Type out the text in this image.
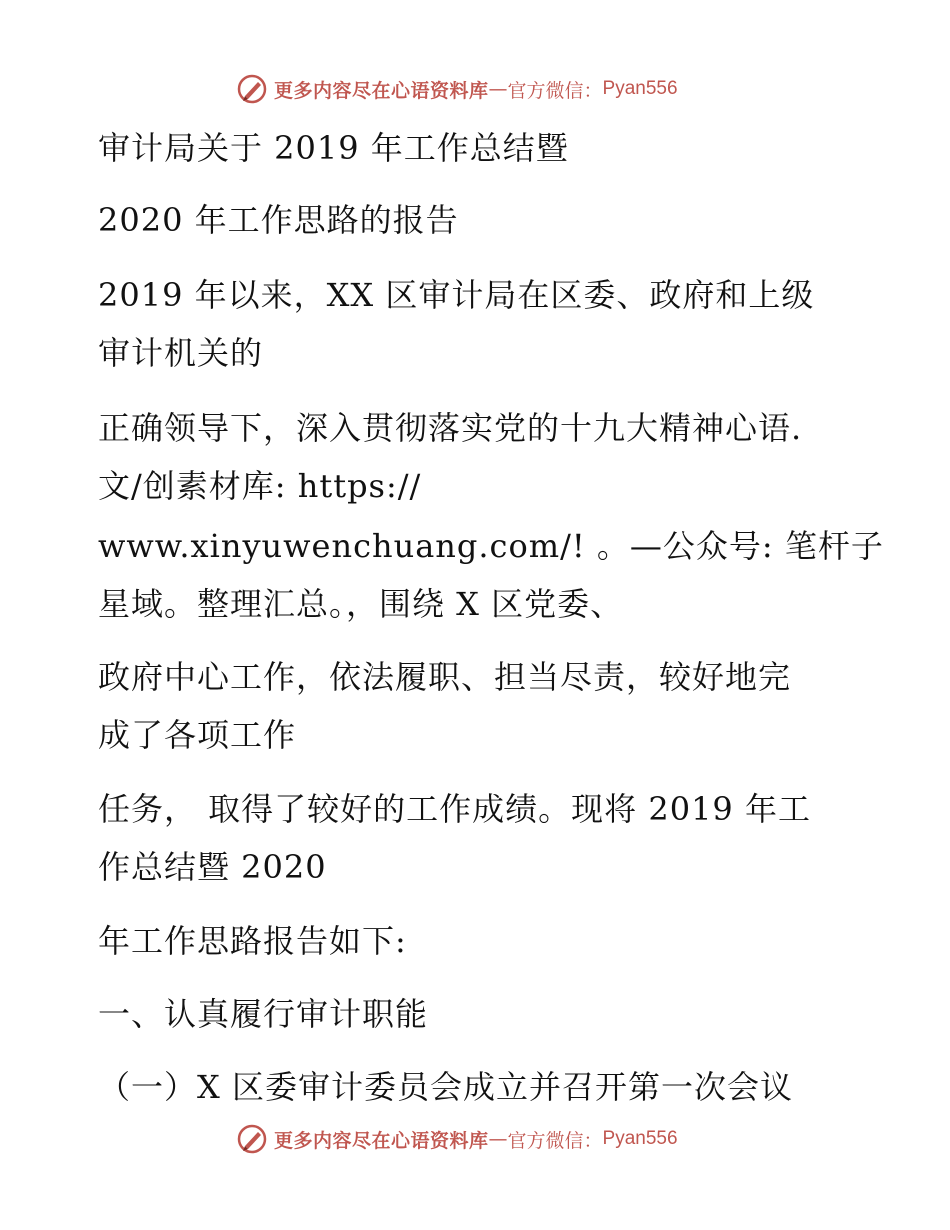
更多内容尽在心语资料库 — 官方微信： Pyan556
审计局关于 2019 年工作总结暨
2020 年工作思路的报告
2019 年以来，XX 区审计局在区委、政府和上级
审计机关的
正确领导下，深入贯彻落实党的十九大精神心语.
文/创素材库: https://
www.xinyuwenchuang.com/! 。—公众号: 笔杆子
星域。整理汇总。，围绕 X 区党委、
政府中心工作，依法履职、担当尽责，较好地完
成了各项工作
任务， 取得了较好的工作成绩。现将 2019 年工
作总结暨 2020
年工作思路报告如下:
一、认真履行审计职能
（一）X 区委审计委员会成立并召开第一次会议
更多内容尽在心语资料库 — 官方微信： Pyan556
